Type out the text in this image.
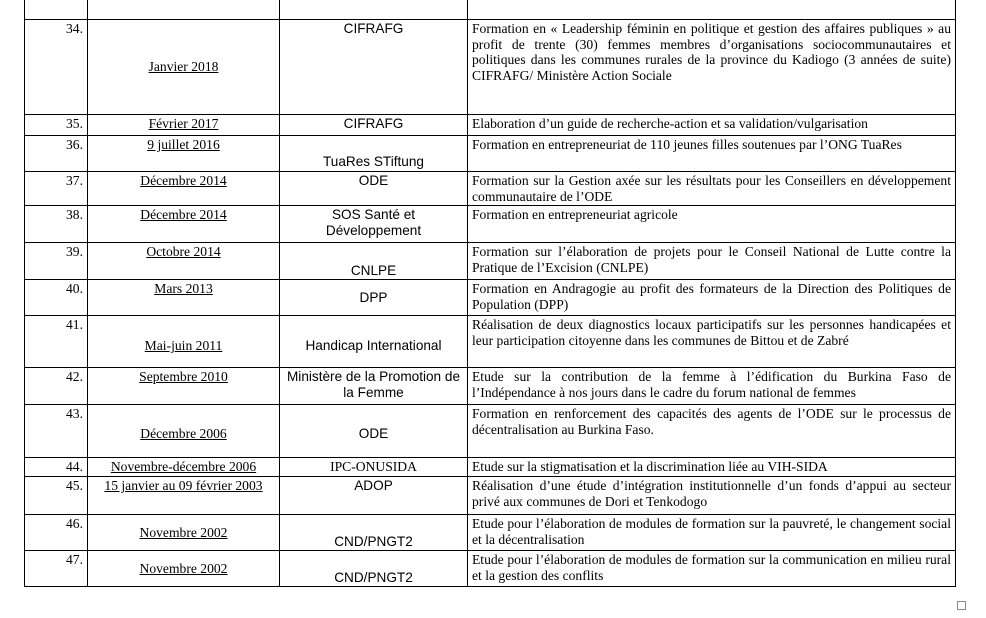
34.	Janvier 2018	CIFRAFG	Formation en « Leadership féminin en politique et gestion des affaires publiques » au profit de trente (30) femmes membres d’organisations sociocommunautaires et politiques dans les communes rurales de la province du Kadiogo (3 années de suite) CIFRAFG/ Ministère Action Sociale
35.	Février 2017	CIFRAFG	Elaboration d’un guide de recherche-action et sa validation/vulgarisation
36.	9 juillet 2016	TuaRes STiftung	Formation en entrepreneuriat de 110 jeunes filles soutenues par l’ONG TuaRes
37.	Décembre 2014	ODE	Formation sur la Gestion axée sur les résultats pour les Conseillers en développement communautaire de l’ODE
38.	Décembre 2014	SOS Santé et Développement	Formation en entrepreneuriat agricole
39.	Octobre 2014	CNLPE	Formation sur l’élaboration de projets pour le Conseil National de Lutte contre la Pratique de l’Excision (CNLPE)
40.	Mars 2013	DPP	Formation en Andragogie au profit des formateurs de la Direction des Politiques de Population (DPP)
41.	Mai-juin 2011	Handicap International	Réalisation de deux diagnostics locaux participatifs sur les personnes handicapées et leur participation citoyenne dans les communes de Bittou et de Zabré
42.	Septembre 2010	Ministère de la Promotion de la Femme	Etude sur la contribution de la femme à l’édification du Burkina Faso de l’Indépendance à nos jours dans le cadre du forum national de femmes
43.	Décembre 2006	ODE	Formation en renforcement des capacités des agents de l’ODE sur le processus de décentralisation au Burkina Faso.
44.	Novembre-décembre 2006	IPC-ONUSIDA	Etude sur la stigmatisation et la discrimination liée au VIH-SIDA
45.	15 janvier au 09 février 2003	ADOP	Réalisation d’une étude d’intégration institutionnelle d’un fonds d’appui au secteur privé aux communes de Dori et Tenkodogo
46.	Novembre 2002	CND/PNGT2	Etude pour l’élaboration de modules de formation sur la pauvreté, le changement social et la décentralisation
47.	Novembre 2002	CND/PNGT2	Etude pour l’élaboration de modules de formation sur la communication en milieu rural et la gestion des conflits
